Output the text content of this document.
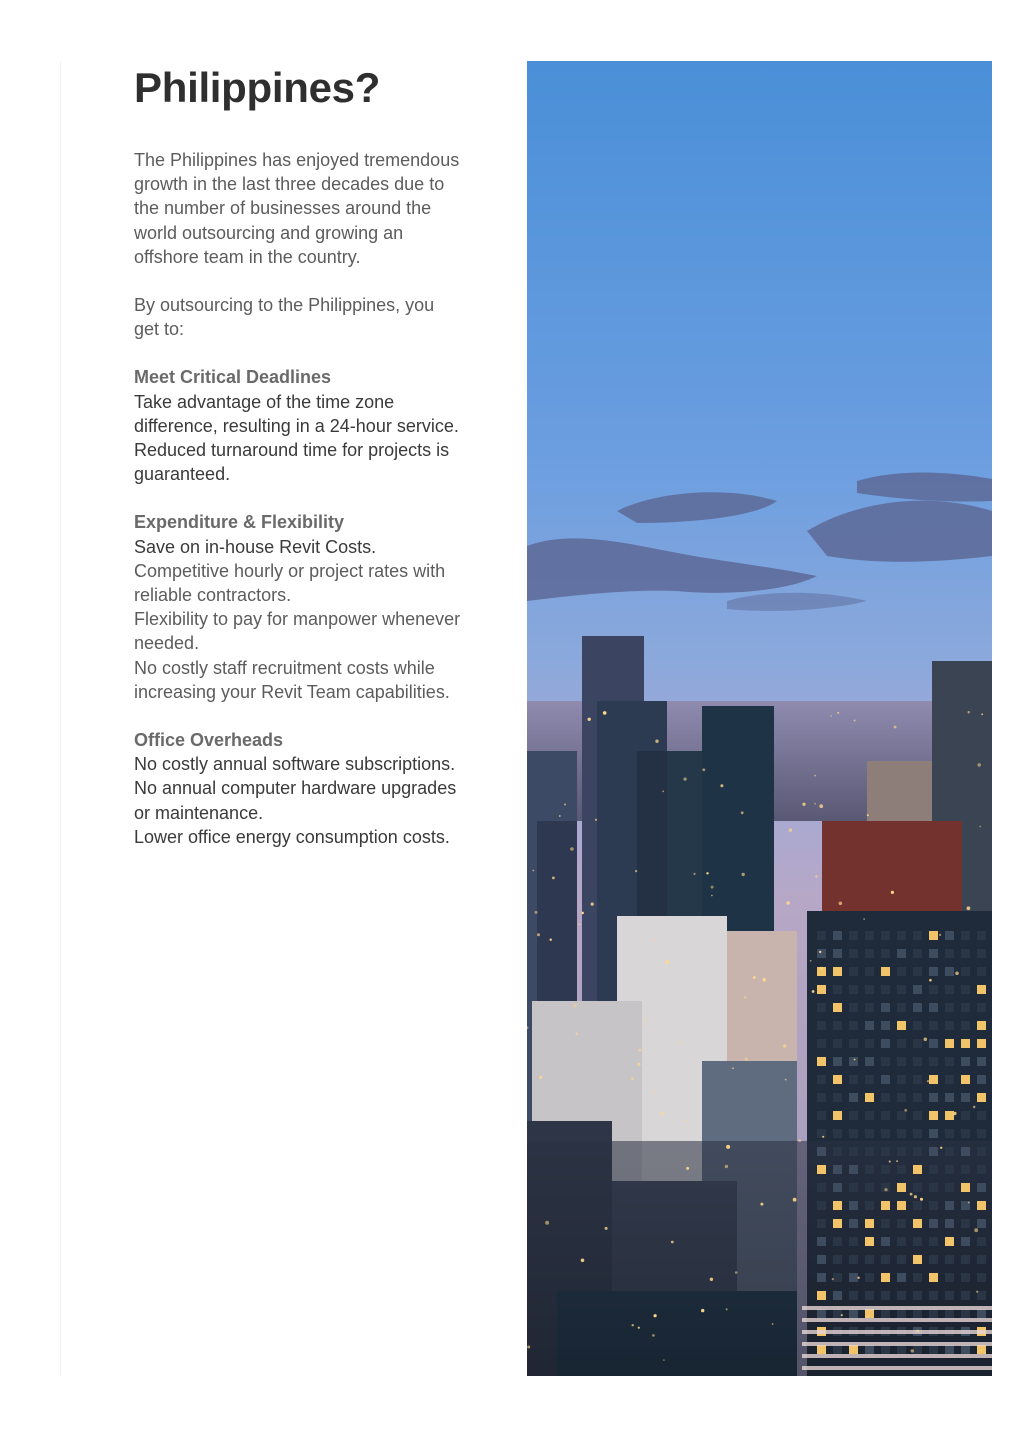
Philippines?

The Philippines has enjoyed tremendous growth in the last three decades due to the number of businesses around the world outsourcing and growing an offshore team in the country.

By outsourcing to the Philippines, you get to:

Meet Critical Deadlines
Take advantage of the time zone difference, resulting in a 24-hour service.
Reduced turnaround time for projects is guaranteed.
Expenditure & Flexibility
Save on in-house Revit Costs.
Competitive hourly or project rates with reliable contractors.
Flexibility to pay for manpower whenever needed.
No costly staff recruitment costs while increasing your Revit Team capabilities.
Office Overheads
No costly annual software subscriptions.
No annual computer hardware upgrades or maintenance.
Lower office energy consumption costs.
